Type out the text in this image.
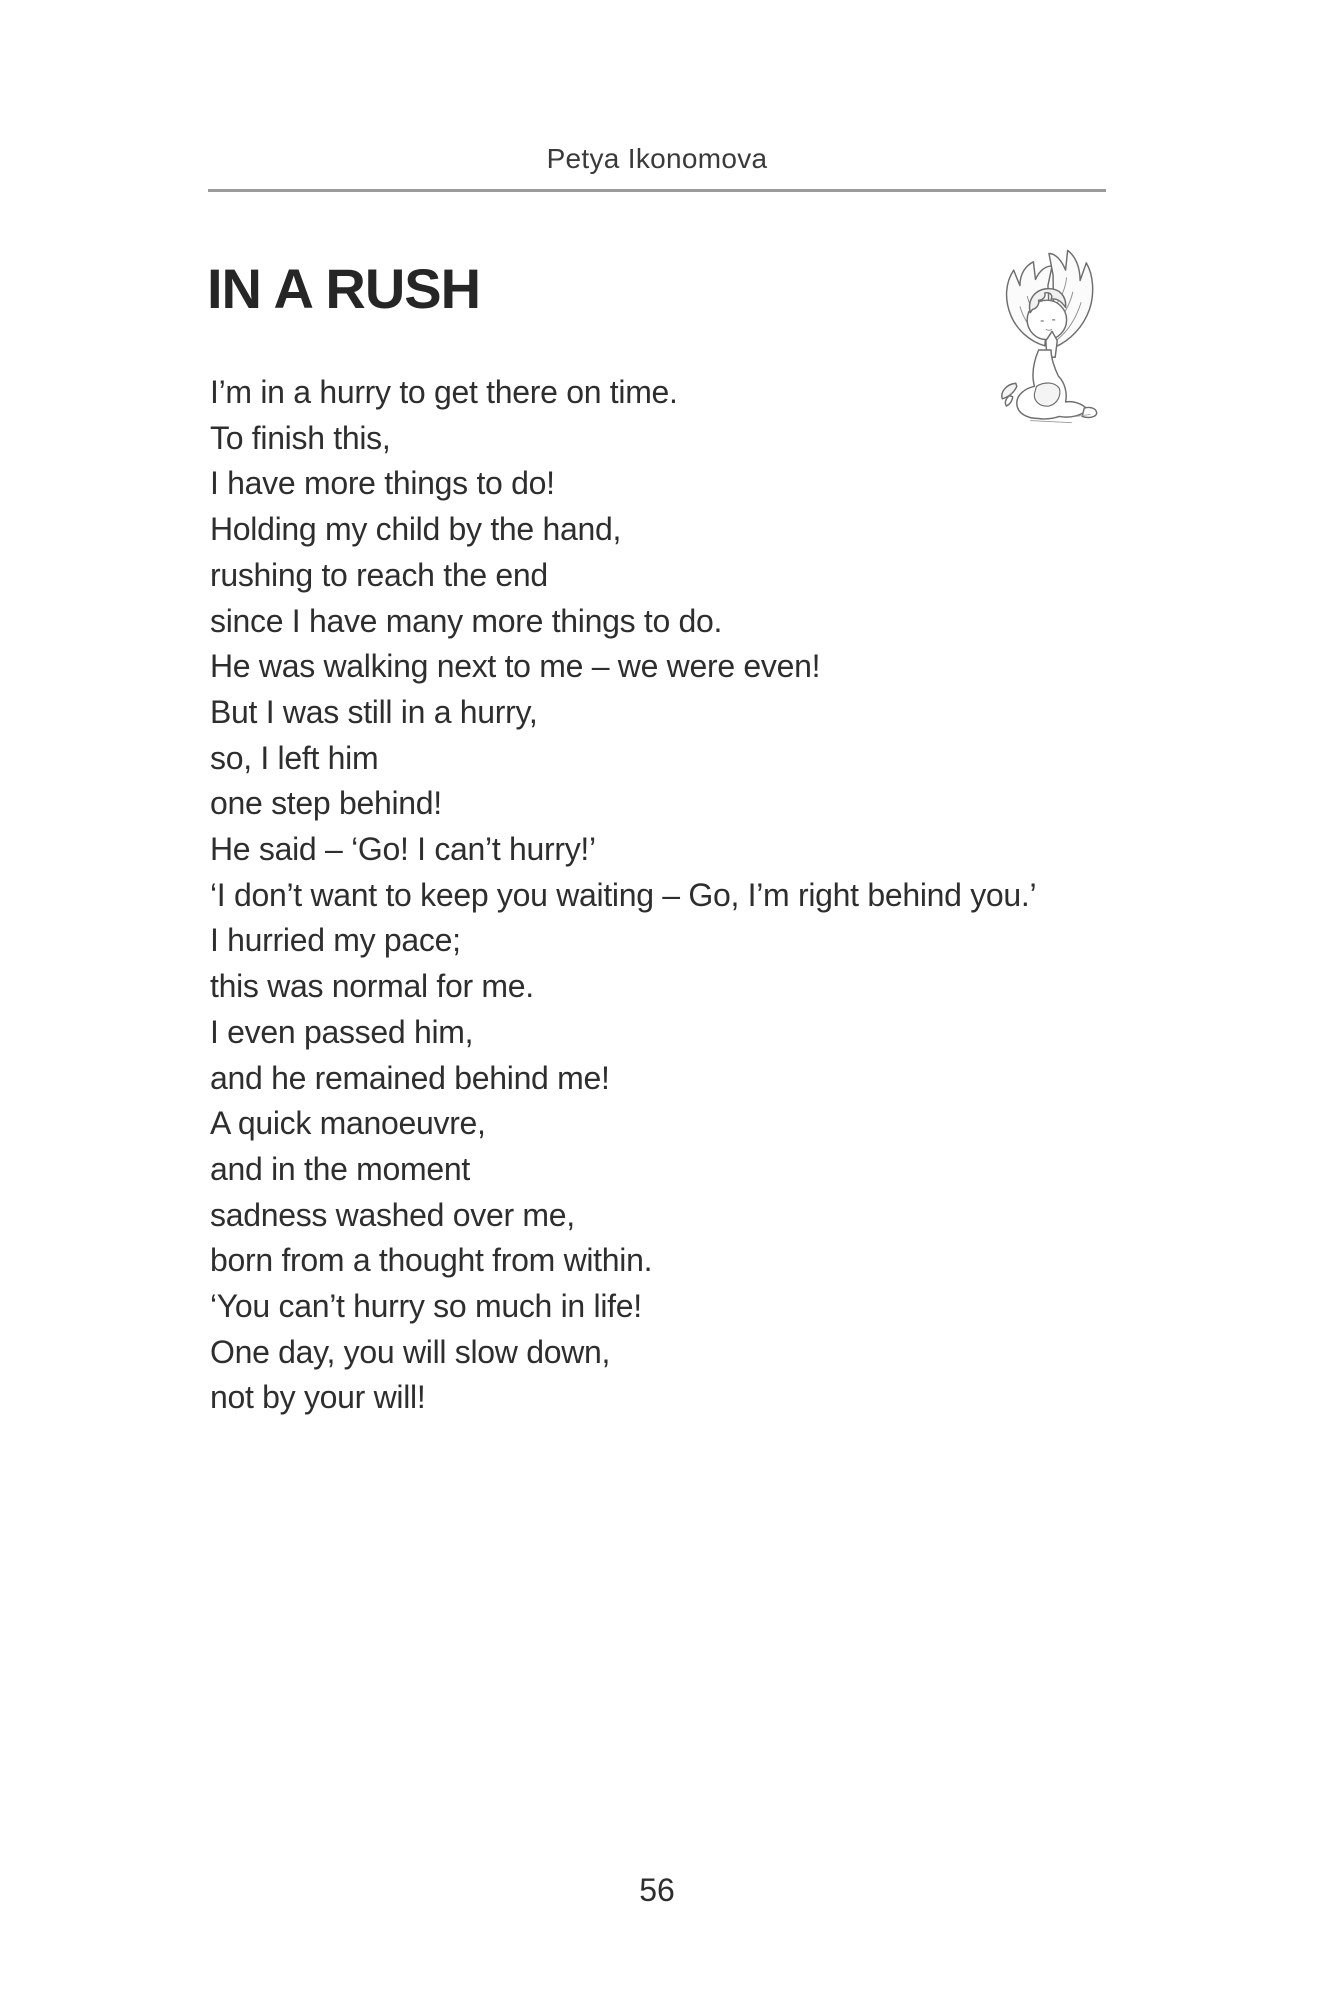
Petya Ikonomova
IN A RUSH
I’m in a hurry to get there on time.
To finish this,
I have more things to do!
Holding my child by the hand,
rushing to reach the end
since I have many more things to do.
He was walking next to me – we were even!
But I was still in a hurry,
so, I left him
one step behind!
He said – ‘Go! I can’t hurry!’
‘I don’t want to keep you waiting – Go, I’m right behind you.’
I hurried my pace;
this was normal for me.
I even passed him,
and he remained behind me!
A quick manoeuvre,
and in the moment
sadness washed over me,
born from a thought from within.
‘You can’t hurry so much in life!
One day, you will slow down,
not by your will!
56
